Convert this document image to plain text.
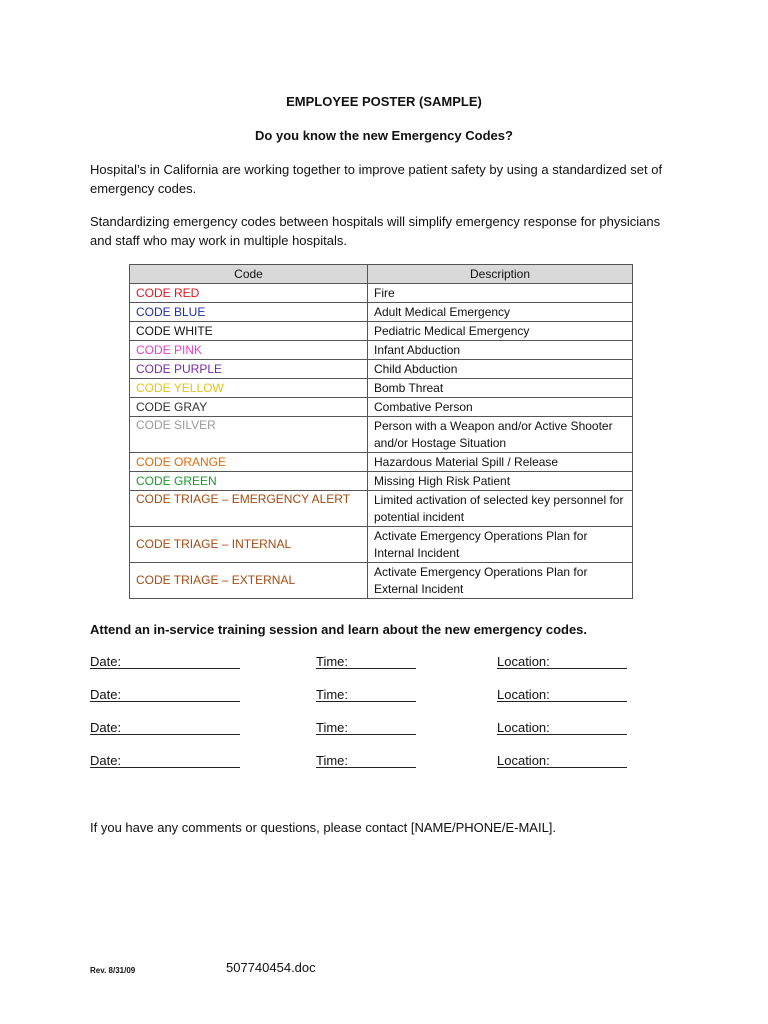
EMPLOYEE POSTER (SAMPLE)
Do you know the new Emergency Codes?
Hospital’s in California are working together to improve patient safety by using a standardized set of emergency codes.
Standardizing emergency codes between hospitals will simplify emergency response for physicians and staff who may work in multiple hospitals.
Code	Description
CODE RED	Fire
CODE BLUE	Adult Medical Emergency
CODE WHITE	Pediatric Medical Emergency
CODE PINK	Infant Abduction
CODE PURPLE	Child Abduction
CODE YELLOW	Bomb Threat
CODE GRAY	Combative Person
CODE SILVER	Person with a Weapon and/or Active Shooter and/or Hostage Situation
CODE ORANGE	Hazardous Material Spill / Release
CODE GREEN	Missing High Risk Patient
CODE TRIAGE – EMERGENCY ALERT	Limited activation of selected key personnel for potential incident
CODE TRIAGE – INTERNAL	Activate Emergency Operations Plan for Internal Incident
CODE TRIAGE – EXTERNAL	Activate Emergency Operations Plan for External Incident
Attend an in-service training session and learn about the new emergency codes.
Date:	Time:	Location:
Date:	Time:	Location:
Date:	Time:	Location:
Date:	Time:	Location:
If you have any comments or questions, please contact [NAME/PHONE/E-MAIL].
Rev. 8/31/09	507740454.doc
